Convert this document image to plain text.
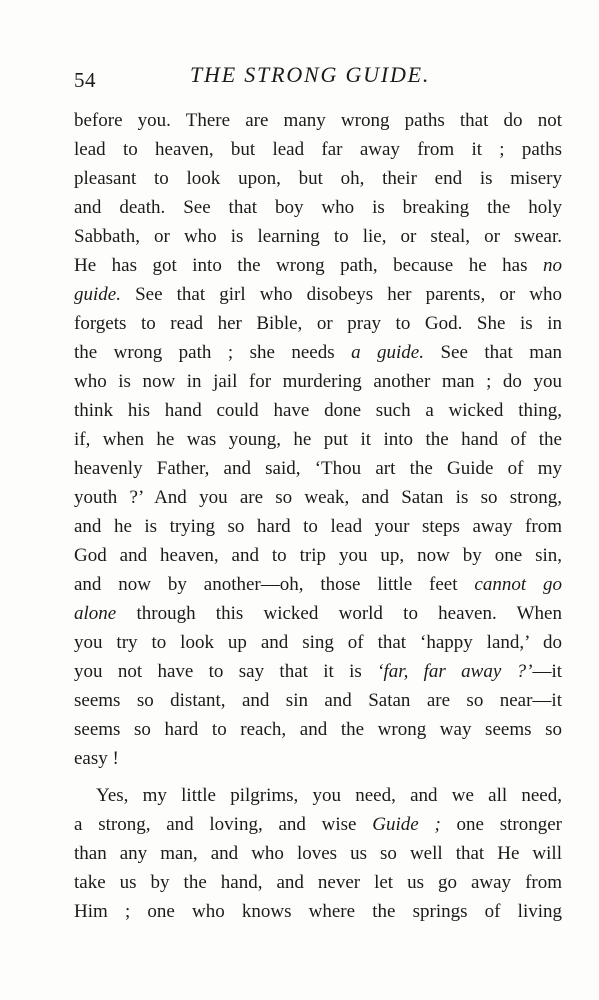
54	THE STRONG GUIDE.
before you. There are many wrong paths that do not
lead to heaven, but lead far away from it ; paths
pleasant to look upon, but oh, their end is misery
and death. See that boy who is breaking the holy
Sabbath, or who is learning to lie, or steal, or swear.
He has got into the wrong path, because he has no
guide. See that girl who disobeys her parents, or who
forgets to read her Bible, or pray to God. She is in
the wrong path ; she needs a guide. See that man
who is now in jail for murdering another man ; do you
think his hand could have done such a wicked thing,
if, when he was young, he put it into the hand of the
heavenly Father, and said, ‘Thou art the Guide of my
youth ?’ And you are so weak, and Satan is so strong,
and he is trying so hard to lead your steps away from
God and heaven, and to trip you up, now by one sin,
and now by another—oh, those little feet cannot go
alone through this wicked world to heaven. When
you try to look up and sing of that ‘happy land,’ do
you not have to say that it is ‘far, far away ?’—it
seems so distant, and sin and Satan are so near—it
seems so hard to reach, and the wrong way seems so
easy !
Yes, my little pilgrims, you need, and we all need,
a strong, and loving, and wise Guide ; one stronger
than any man, and who loves us so well that He will
take us by the hand, and never let us go away from
Him ; one who knows where the springs of living
